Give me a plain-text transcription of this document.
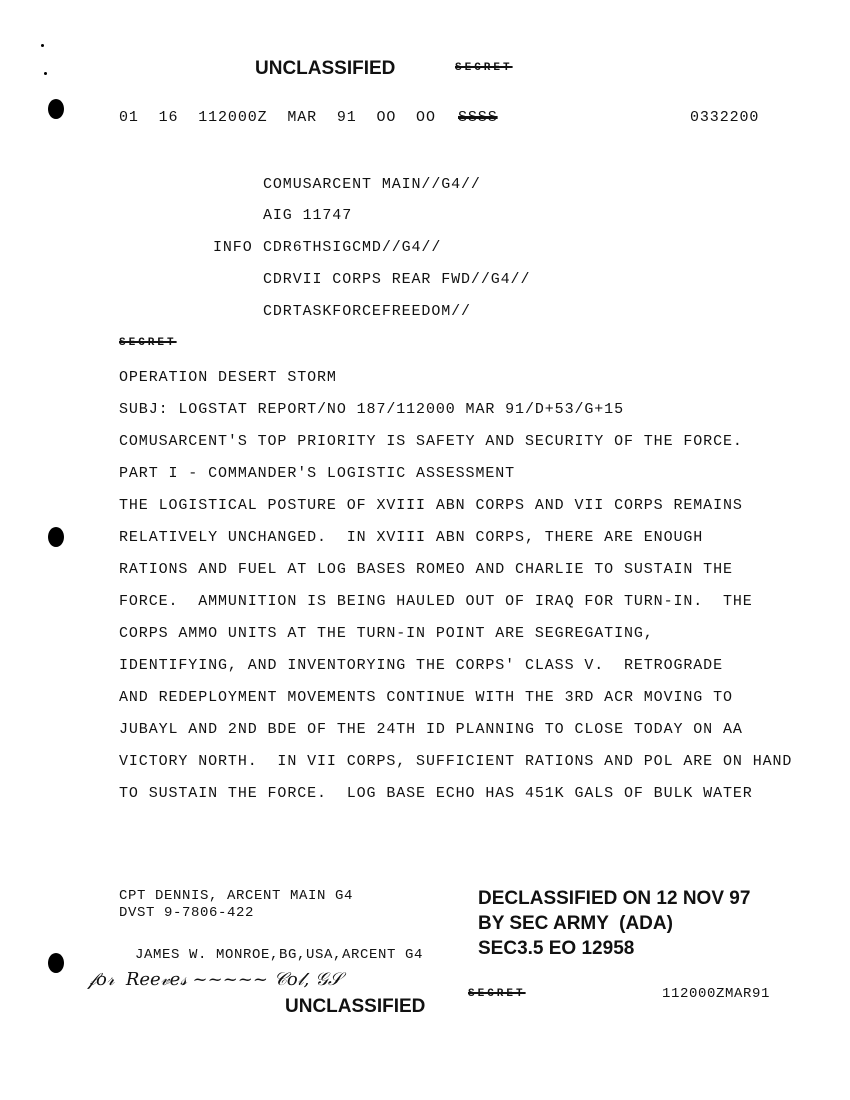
UNCLASSIFIED	SECRET
01  16  112000Z  MAR  91  OO  OO SSSS	0332200
COMUSARCENT MAIN//G4//
AIG 11747
INFO CDR6THSIGCMD//G4//
CDRVII CORPS REAR FWD//G4//
CDRTASKFORCEFREEDOM//
SECRET
OPERATION DESERT STORM
SUBJ: LOGSTAT REPORT/NO 187/112000 MAR 91/D+53/G+15
COMUSARCENT'S TOP PRIORITY IS SAFETY AND SECURITY OF THE FORCE.
PART I - COMMANDER'S LOGISTIC ASSESSMENT
THE LOGISTICAL POSTURE OF XVIII ABN CORPS AND VII CORPS REMAINS
RELATIVELY UNCHANGED.  IN XVIII ABN CORPS, THERE ARE ENOUGH
RATIONS AND FUEL AT LOG BASES ROMEO AND CHARLIE TO SUSTAIN THE
FORCE.  AMMUNITION IS BEING HAULED OUT OF IRAQ FOR TURN-IN.  THE
CORPS AMMO UNITS AT THE TURN-IN POINT ARE SEGREGATING,
IDENTIFYING, AND INVENTORYING THE CORPS' CLASS V.  RETROGRADE
AND REDEPLOYMENT MOVEMENTS CONTINUE WITH THE 3RD ACR MOVING TO
JUBAYL AND 2ND BDE OF THE 24TH ID PLANNING TO CLOSE TODAY ON AA
VICTORY NORTH.  IN VII CORPS, SUFFICIENT RATIONS AND POL ARE ON HAND
TO SUSTAIN THE FORCE.  LOG BASE ECHO HAS 451K GALS OF BULK WATER
CPT DENNIS, ARCENT MAIN G4
DVST 9-7806-422
JAMES W. MONROE,BG,USA,ARCENT G4
𝒻𝑜𝓇  𝑅𝑒𝑒𝓋𝑒𝓈 ~~~~~ 𝒞𝑜𝓁, 𝒢𝒮
DECLASSIFIED ON 12 NOV 97
BY SEC ARMY  (ADA)
SEC3.5 EO 12958
SECRET	112000ZMAR91
UNCLASSIFIED
